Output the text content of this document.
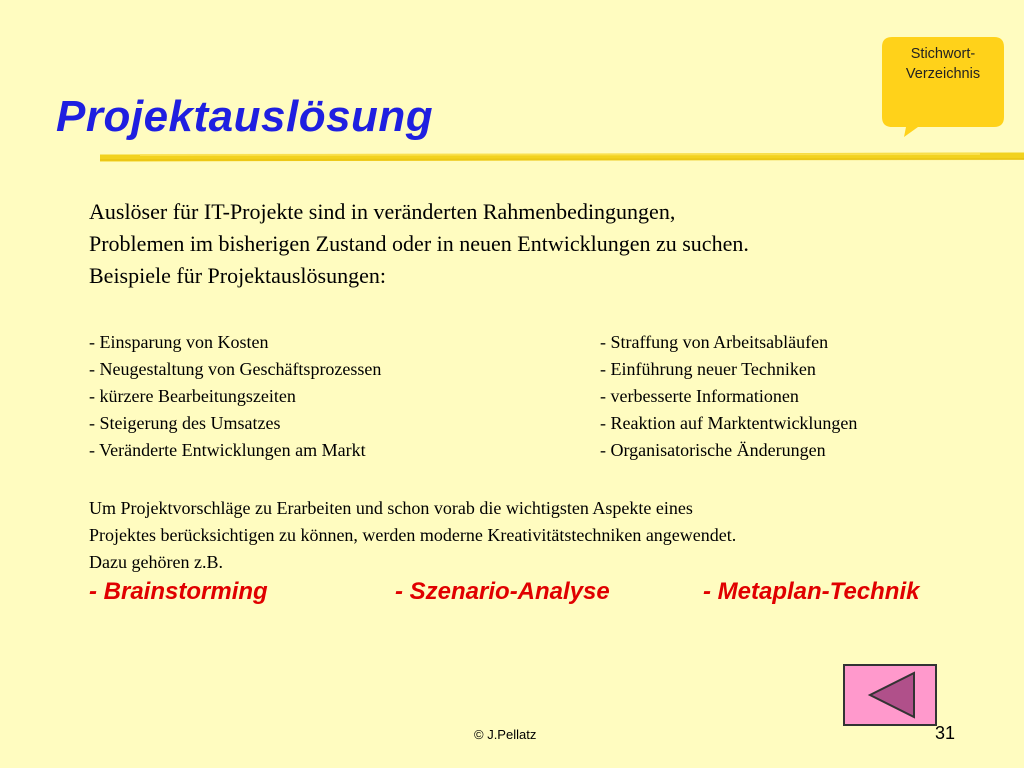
Projektauslösung
Stichwort-
Verzeichnis
Auslöser für IT-Projekte sind in veränderten Rahmenbedingungen,
Problemen im bisherigen Zustand oder in neuen Entwicklungen zu suchen.
Beispiele für Projektauslösungen:
- Einsparung von Kosten
- Neugestaltung von Geschäftsprozessen
- kürzere Bearbeitungszeiten
- Steigerung des Umsatzes
- Veränderte Entwicklungen am Markt
- Straffung von Arbeitsabläufen
- Einführung neuer Techniken
- verbesserte Informationen
- Reaktion auf Marktentwicklungen
- Organisatorische Änderungen
Um Projektvorschläge zu Erarbeiten und schon vorab die wichtigsten Aspekte eines
Projektes berücksichtigen zu können, werden moderne Kreativitätstechniken angewendet.
Dazu gehören z.B.
- Brainstorming	- Szenario-Analyse	- Metaplan-Technik
© J.Pellatz	31
